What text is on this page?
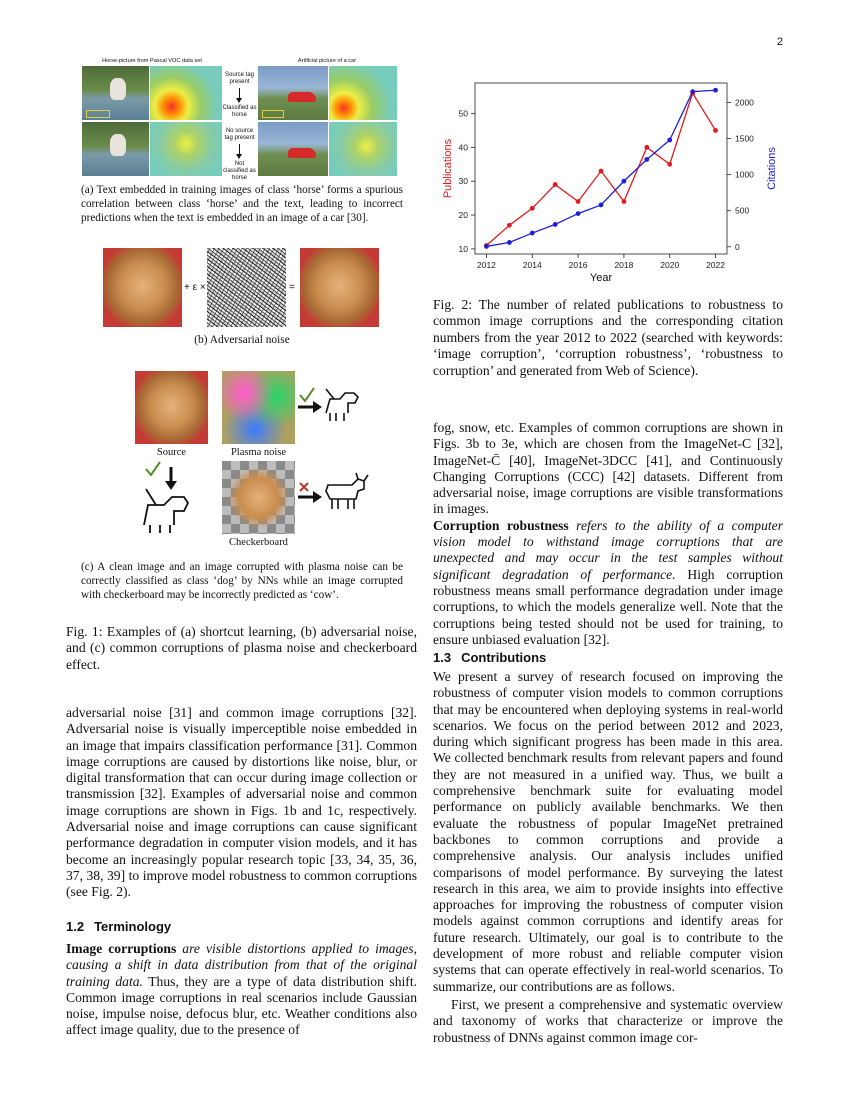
2
Horse-picture from Pascal VOC data set	Artificial picture of a car
Source tag present
Classified as horse
No source tag present
Not classified as horse
(a) Text embedded in training images of class ‘horse’ forms a spurious correlation between class ‘horse’ and the text, leading to incorrect predictions when the text is embedded in an image of a car [30].
+ ε ×	=
(b) Adversarial noise
Source	Plasma noise
Checkerboard
(c) A clean image and an image corrupted with plasma noise can be correctly classified as class ‘dog’ by NNs while an image corrupted with checkerboard may be incorrectly predicted as ‘cow’.
Fig. 1: Examples of (a) shortcut learning, (b) adversarial noise, and (c) common corruptions of plasma noise and checkerboard effect.

adversarial noise [31] and common image corruptions [32]. Adversarial noise is visually imperceptible noise embedded in an image that impairs classification performance [31]. Common image corruptions are caused by distortions like noise, blur, or digital transformation that can occur during image collection or transmission [32]. Examples of adversarial noise and common image corruptions are shown in Figs. 1b and 1c, respectively. Adversarial noise and image corruptions can cause significant performance degradation in computer vision models, and it has become an increasingly popular research topic [33, 34, 35, 36, 37, 38, 39] to improve model robustness to common corruptions (see Fig. 2).

1.2 Terminology

Image corruptions are visible distortions applied to images, causing a shift in data distribution from that of the original training data. Thus, they are a type of data distribution shift. Common image corruptions in real scenarios include Gaussian noise, impulse noise, defocus blur, etc. Weather conditions also affect image quality, due to the presence of

2012	2014	2016	2018	2020	2022
10
20
30
40
50
0
500
1000
1500
2000
Year
Publications	Citations
Fig. 2: The number of related publications to robustness to common image corruptions and the corresponding citation numbers from the year 2012 to 2022 (searched with keywords: ‘image corruption’, ‘corruption robustness’, ‘robustness to corruption’ and generated from Web of Science).

fog, snow, etc. Examples of common corruptions are shown in Figs. 3b to 3e, which are chosen from the ImageNet-C [32], ImageNet-C̄ [40], ImageNet-3DCC [41], and Continuously Changing Corruptions (CCC) [42] datasets. Different from adversarial noise, image corruptions are visible transformations in images.

Corruption robustness refers to the ability of a computer vision model to withstand image corruptions that are unexpected and may occur in the test samples without significant degradation of performance. High corruption robustness means small performance degradation under image corruptions, to which the models generalize well. Note that the corruptions being tested should not be used for training, to ensure unbiased evaluation [32].

1.3 Contributions

We present a survey of research focused on improving the robustness of computer vision models to common corruptions that may be encountered when deploying systems in real-world scenarios. We focus on the period between 2012 and 2023, during which significant progress has been made in this area. We collected benchmark results from relevant papers and found they are not measured in a unified way. Thus, we built a comprehensive benchmark suite for evaluating model performance on publicly available benchmarks. We then evaluate the robustness of popular ImageNet pretrained backbones to common corruptions and provide a comprehensive analysis. Our analysis includes unified comparisons of model performance. By surveying the latest research in this area, we aim to provide insights into effective approaches for improving the robustness of computer vision models against common corruptions and identify areas for future research. Ultimately, our goal is to contribute to the development of more robust and reliable computer vision systems that can operate effectively in real-world scenarios. To summarize, our contributions are as follows.

First, we present a comprehensive and systematic overview and taxonomy of works that characterize or improve the robustness of DNNs against common image cor-
